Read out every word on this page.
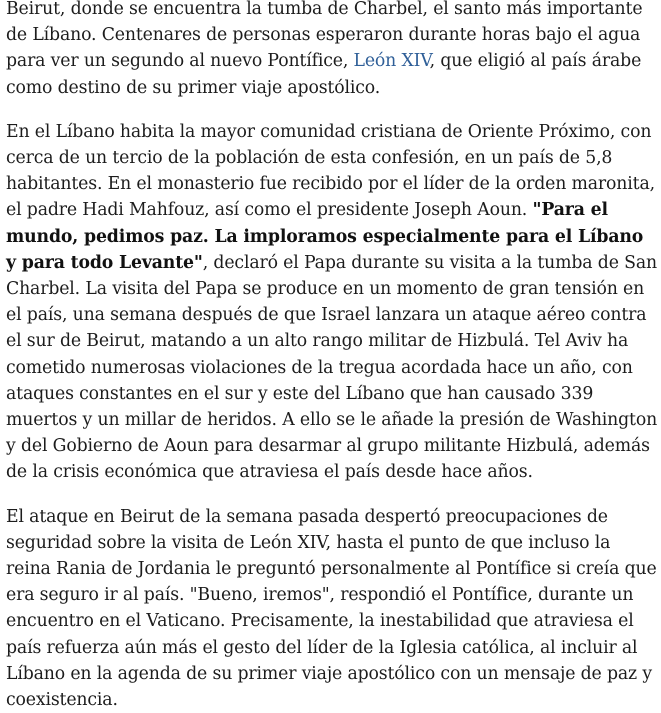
Beirut, donde se encuentra la tumba de Charbel, el santo más importante de Líbano. Centenares de personas esperaron durante horas bajo el agua para ver un segundo al nuevo Pontífice, León XIV, que eligió al país árabe como destino de su primer viaje apostólico.

En el Líbano habita la mayor comunidad cristiana de Oriente Próximo, con cerca de un tercio de la población de esta confesión, en un país de 5,8 habitantes. En el monasterio fue recibido por el líder de la orden maronita, el padre Hadi Mahfouz, así como el presidente Joseph Aoun. "Para el mundo, pedimos paz. La imploramos especialmente para el Líbano y para todo Levante", declaró el Papa durante su visita a la tumba de San Charbel. La visita del Papa se produce en un momento de gran tensión en el país, una semana después de que Israel lanzara un ataque aéreo contra el sur de Beirut, matando a un alto rango militar de Hizbulá. Tel Aviv ha cometido numerosas violaciones de la tregua acordada hace un año, con ataques constantes en el sur y este del Líbano que han causado 339 muertos y un millar de heridos. A ello se le añade la presión de Washington y del Gobierno de Aoun para desarmar al grupo militante Hizbulá, además de la crisis económica que atraviesa el país desde hace años.

El ataque en Beirut de la semana pasada despertó preocupaciones de seguridad sobre la visita de León XIV, hasta el punto de que incluso la reina Rania de Jordania le preguntó personalmente al Pontífice si creía que era seguro ir al país. "Bueno, iremos", respondió el Pontífice, durante un encuentro en el Vaticano. Precisamente, la inestabilidad que atraviesa el país refuerza aún más el gesto del líder de la Iglesia católica, al incluir al Líbano en la agenda de su primer viaje apostólico con un mensaje de paz y coexistencia.
